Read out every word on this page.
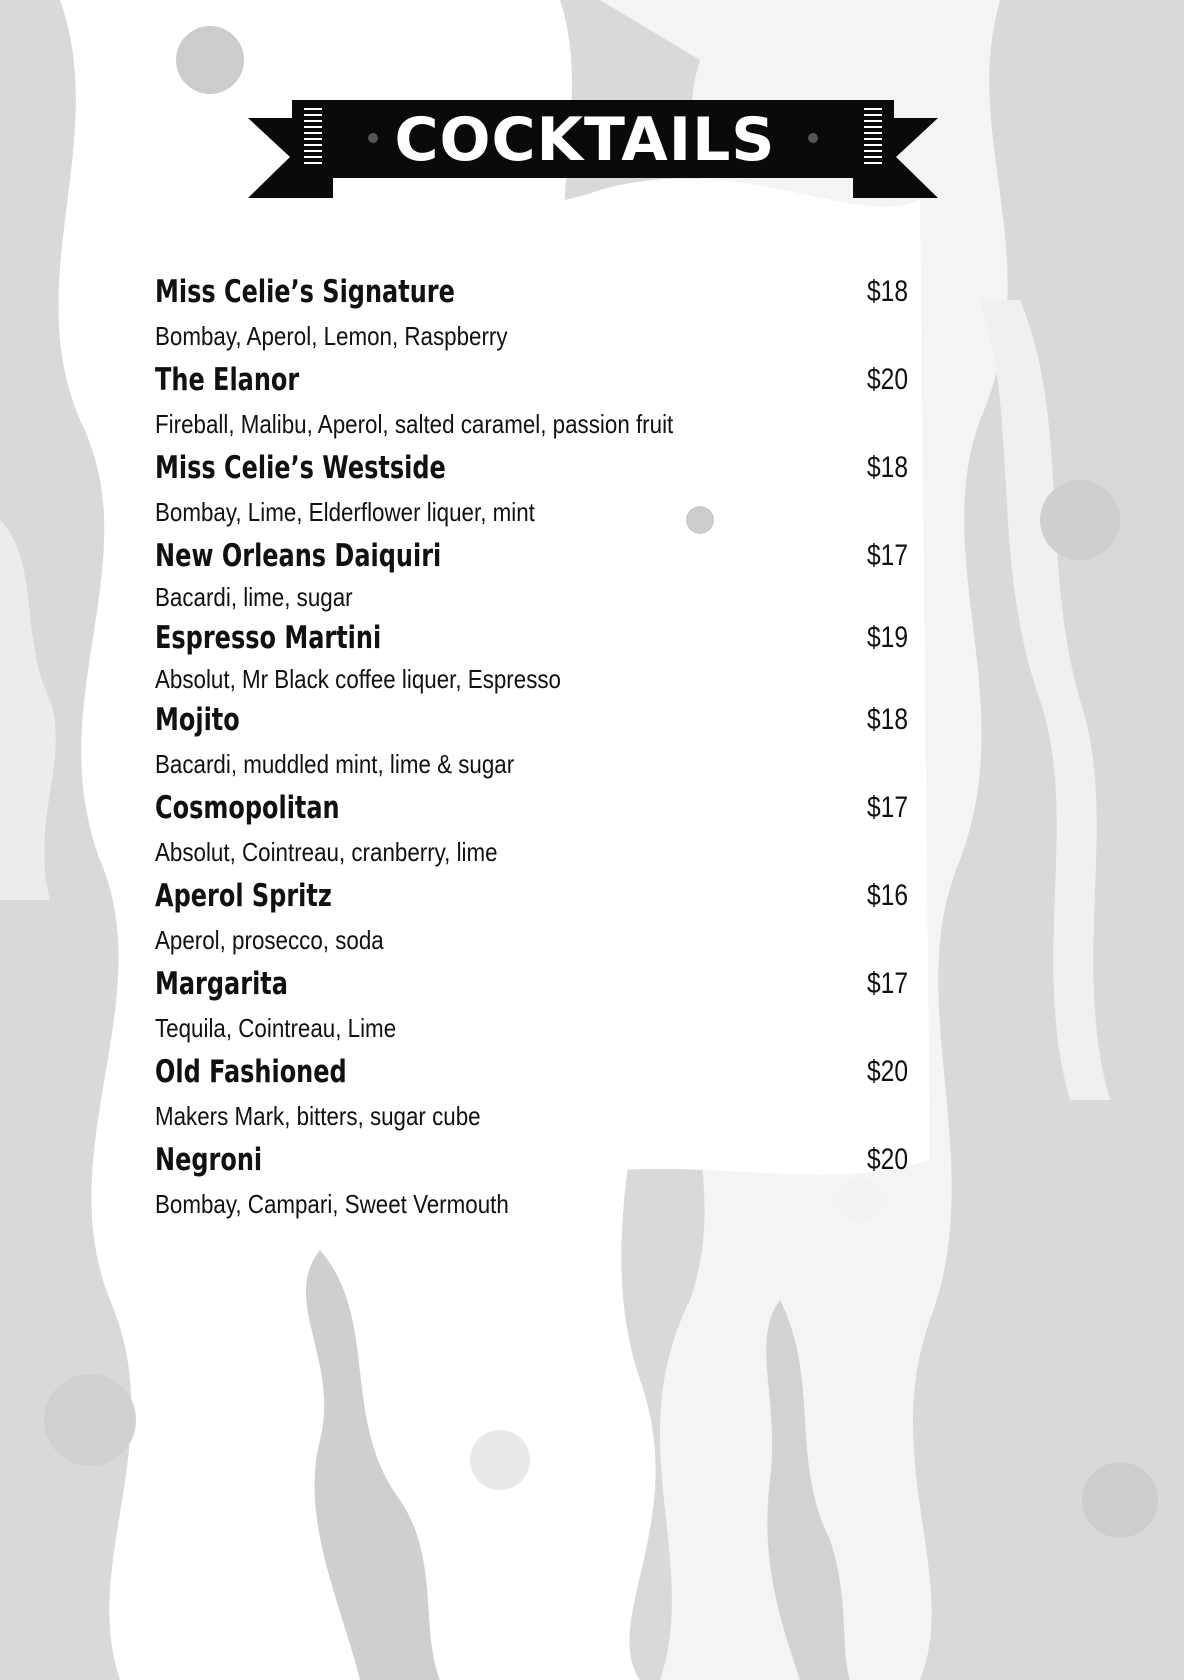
COCKTAILS
Miss Celie’s Signature	$18
Bombay, Aperol, Lemon, Raspberry
The Elanor	$20
Fireball, Malibu, Aperol, salted caramel, passion fruit
Miss Celie’s Westside	$18
Bombay, Lime, Elderflower liquer, mint
New Orleans Daiquiri	$17
Bacardi, lime, sugar
Espresso Martini	$19
Absolut, Mr Black coffee liquer, Espresso
Mojito	$18
Bacardi, muddled mint, lime & sugar
Cosmopolitan	$17
Absolut, Cointreau, cranberry, lime
Aperol Spritz	$16
Aperol, prosecco, soda
Margarita	$17
Tequila, Cointreau, Lime
Old Fashioned	$20
Makers Mark, bitters, sugar cube
Negroni	$20
Bombay, Campari, Sweet Vermouth
